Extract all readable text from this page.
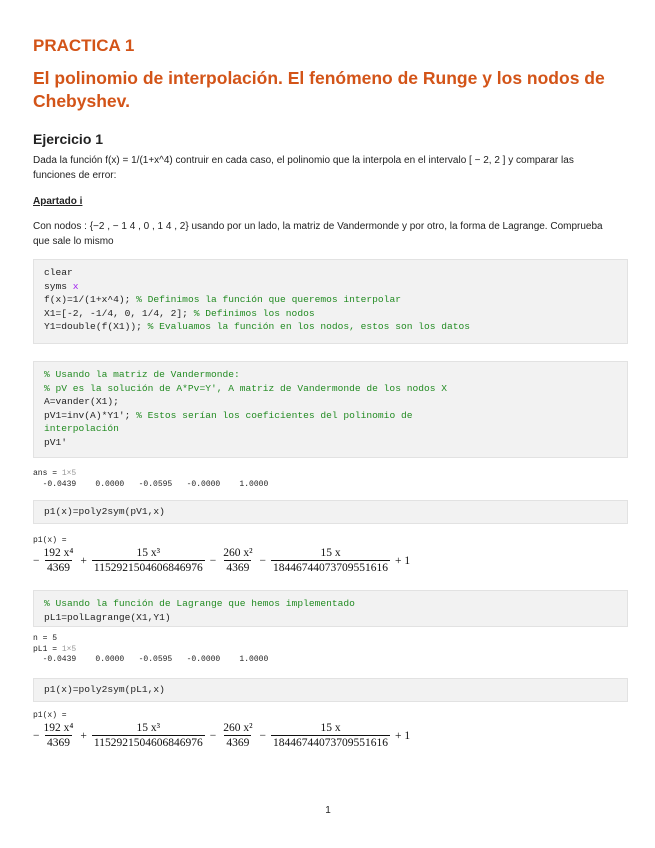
PRACTICA 1
El polinomio de interpolación. El fenómeno de Runge y los nodos de Chebyshev.
Ejercicio 1
Dada la función f(x) = 1/(1+x^4) contruir en cada caso, el polinomio que la interpola en el intervalo [ − 2, 2 ] y comparar las funciones de error:
Apartado i
Con nodos : {−2 , − 1 4 , 0 , 1 4 , 2} usando por un lado, la matriz de Vandermonde y por otro, la forma de Lagrange. Comprueba que sale lo mismo
clear
syms x
f(x)=1/(1+x^4); % Definimos la función que queremos interpolar
X1=[-2, -1/4, 0, 1/4, 2]; % Definimos los nodos
Y1=double(f(X1)); % Evaluamos la función en los nodos, estos son los datos
% Usando la matriz de Vandermonde:
% pV es la solución de A*Pv=Y', A matriz de Vandermonde de los nodos X
A=vander(X1);
pV1=inv(A)*Y1'; % Estos serían los coeficientes del polinomio de
interpolación
pV1'
ans = 1×5
-0.0439    0.0000   -0.0595   -0.0000    1.0000
p1(x)=poly2sym(pV1,x)
p1(x) =
− $\frac{\text{192 x⁴}}{4369} + \frac{\text{15 x³}}{1152921504606846976} - \frac{\text{260 x²}}{4369} - \frac{15 x}{18446744073709551616} + 1$
% Usando la función de Lagrange que hemos implementado
pL1=polLagrange(X1,Y1)
n = 5
pL1 = 1×5
-0.0439    0.0000   -0.0595   -0.0000    1.0000
p1(x)=poly2sym(pL1,x)
p1(x) =
− $\frac{\text{192 x⁴}}{4369} + \frac{\text{15 x³}}{1152921504606846976} - \frac{\text{260 x²}}{4369} - \frac{15 x}{18446744073709551616} + 1$
1
